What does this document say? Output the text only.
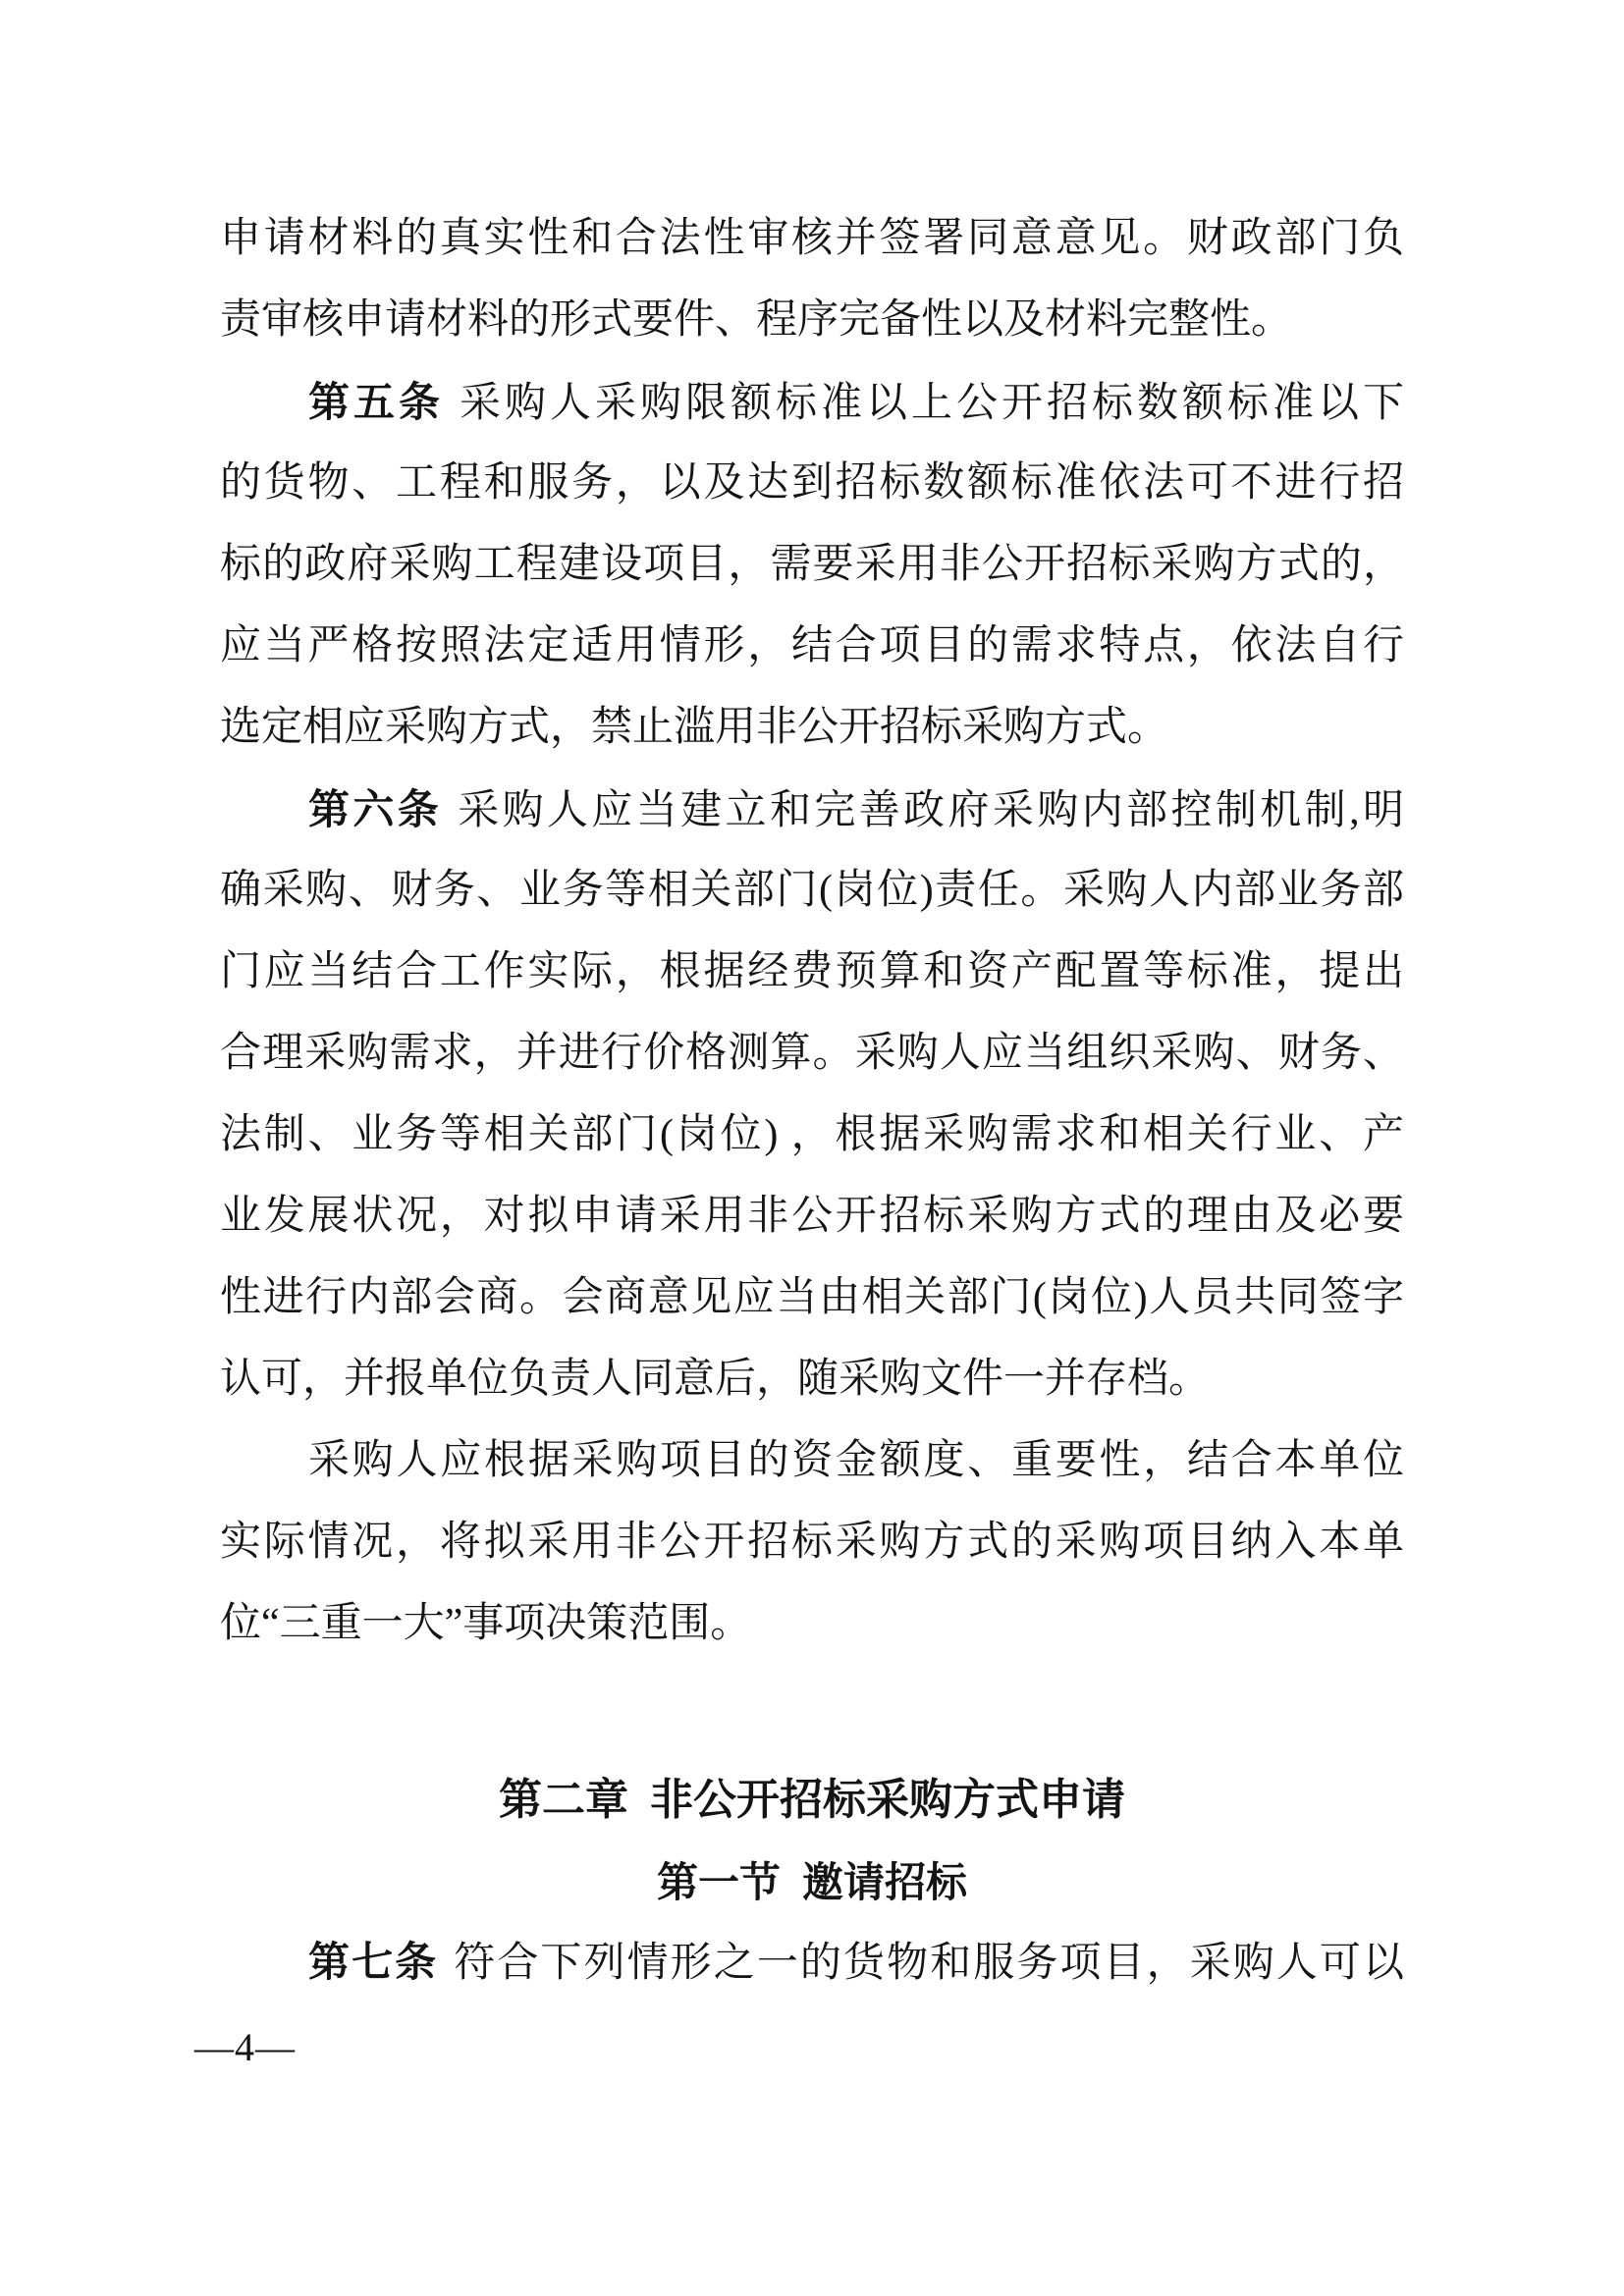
申请材料的真实性和合法性审核并签署同意意见。财政部门负
责审核申请材料的形式要件、程序完备性以及材料完整性。
第五条 采购人采购限额标准以上公开招标数额标准以下
的货物、工程和服务，以及达到招标数额标准依法可不进行招
标的政府采购工程建设项目，需要采用非公开招标采购方式的，
应当严格按照法定适用情形，结合项目的需求特点，依法自行
选定相应采购方式，禁止滥用非公开招标采购方式。
第六条 采购人应当建立和完善政府采购内部控制机制,明
确采购、财务、业务等相关部门(岗位)责任。采购人内部业务部
门应当结合工作实际，根据经费预算和资产配置等标准，提出
合理采购需求，并进行价格测算。采购人应当组织采购、财务、
法制、业务等相关部门(岗位) ，根据采购需求和相关行业、产
业发展状况，对拟申请采用非公开招标采购方式的理由及必要
性进行内部会商。会商意见应当由相关部门(岗位)人员共同签字
认可，并报单位负责人同意后，随采购文件一并存档。
采购人应根据采购项目的资金额度、重要性，结合本单位
实际情况，将拟采用非公开招标采购方式的采购项目纳入本单
位“三重一大”事项决策范围。
第二章 非公开招标采购方式申请
第一节 邀请招标
第七条 符合下列情形之一的货物和服务项目，采购人可以
—4—
